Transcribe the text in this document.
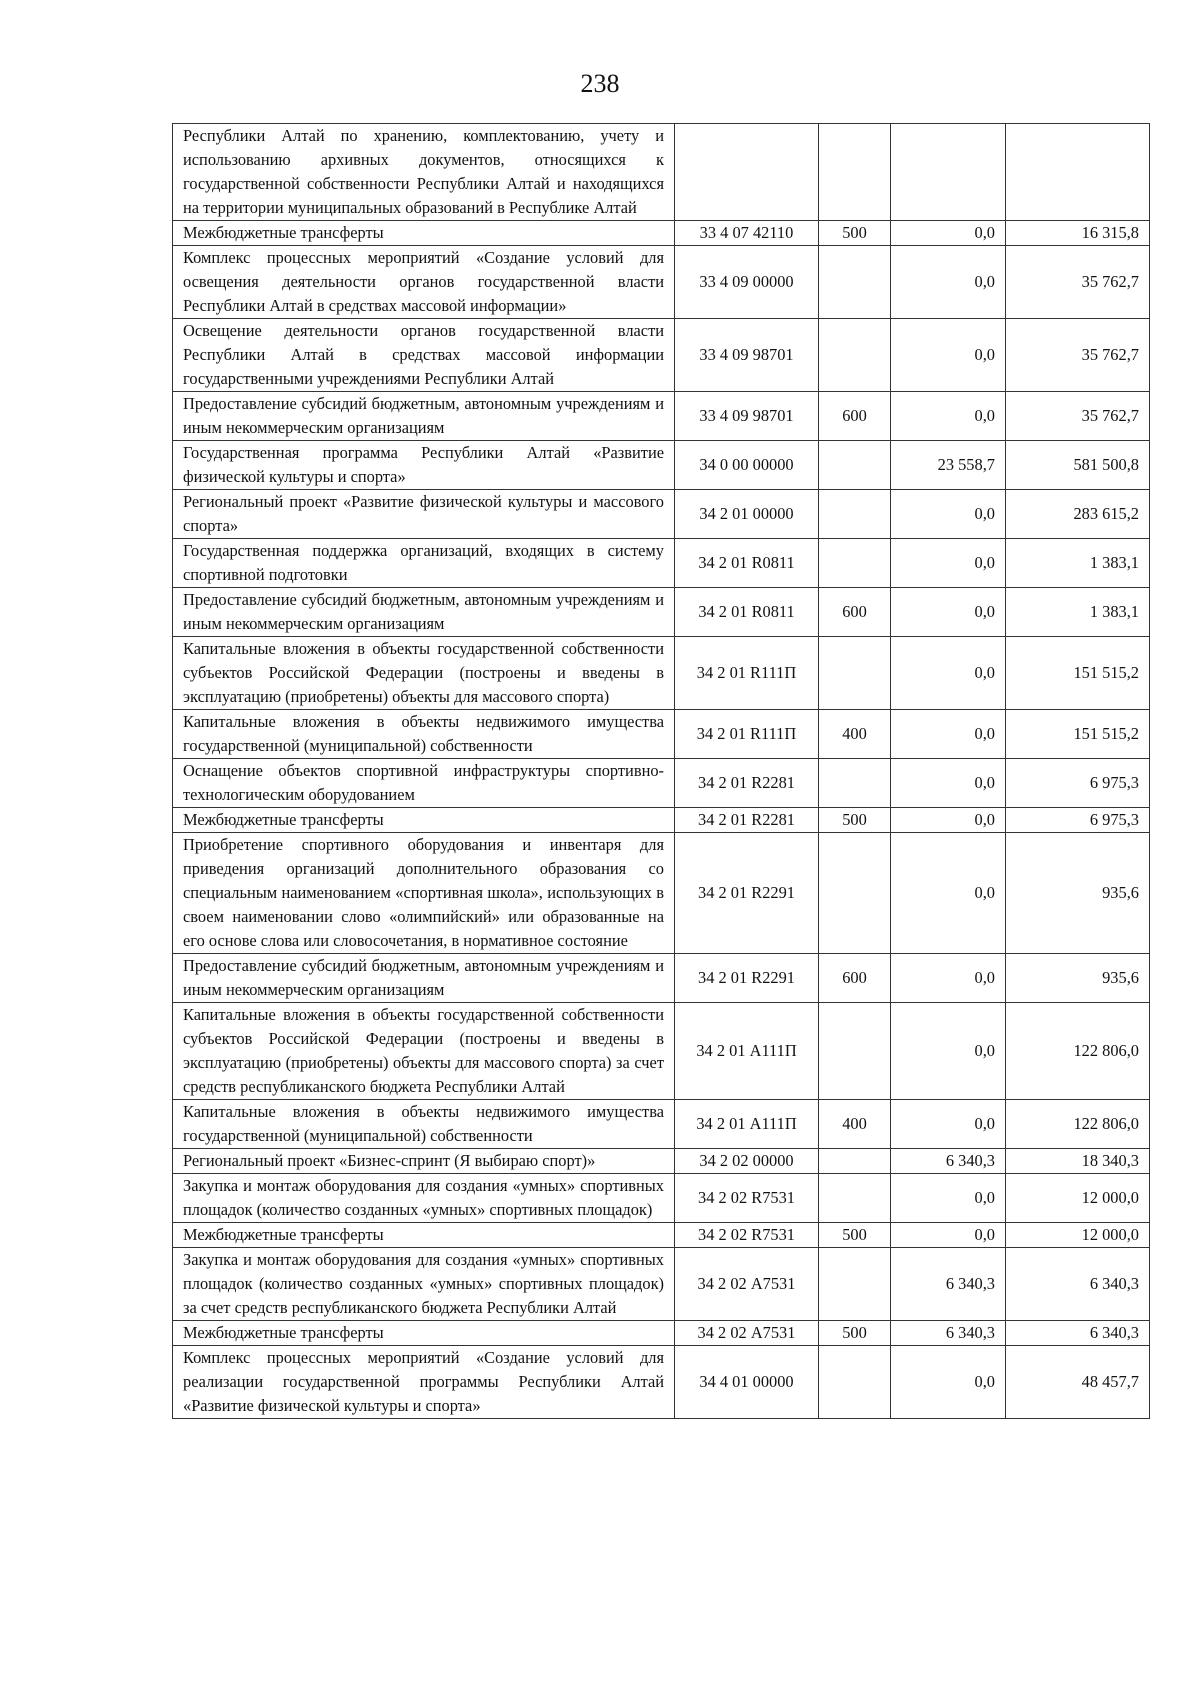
238
Республики Алтай по хранению, комплектованию, учету и использованию архивных документов, относящихся к государственной собственности Республики Алтай и находящихся на территории муниципальных образований в Республике Алтай				
Межбюджетные трансферты	33 4 07 42110	500	0,0	16 315,8
Комплекс процессных мероприятий «Создание условий для освещения деятельности органов государственной власти Республики Алтай в средствах массовой информации»	33 4 09 00000		0,0	35 762,7
Освещение деятельности органов государственной власти Республики Алтай в средствах массовой информации государственными учреждениями Республики Алтай	33 4 09 98701		0,0	35 762,7
Предоставление субсидий бюджетным, автономным учреждениям и иным некоммерческим организациям	33 4 09 98701	600	0,0	35 762,7
Государственная программа Республики Алтай «Развитие физической культуры и спорта»	34 0 00 00000		23 558,7	581 500,8
Региональный проект «Развитие физической культуры и массового спорта»	34 2 01 00000		0,0	283 615,2
Государственная поддержка организаций, входящих в систему спортивной подготовки	34 2 01 R0811		0,0	1 383,1
Предоставление субсидий бюджетным, автономным учреждениям и иным некоммерческим организациям	34 2 01 R0811	600	0,0	1 383,1
Капитальные вложения в объекты государственной собственности субъектов Российской Федерации (построены и введены в эксплуатацию (приобретены) объекты для массового спорта)	34 2 01 R111П		0,0	151 515,2
Капитальные вложения в объекты недвижимого имущества государственной (муниципальной) собственности	34 2 01 R111П	400	0,0	151 515,2
Оснащение объектов спортивной инфраструктуры спортивно-технологическим оборудованием	34 2 01 R2281		0,0	6 975,3
Межбюджетные трансферты	34 2 01 R2281	500	0,0	6 975,3
Приобретение спортивного оборудования и инвентаря для приведения организаций дополнительного образования со специальным наименованием «спортивная школа», использующих в своем наименовании слово «олимпийский» или образованные на его основе слова или словосочетания, в нормативное состояние	34 2 01 R2291		0,0	935,6
Предоставление субсидий бюджетным, автономным учреждениям и иным некоммерческим организациям	34 2 01 R2291	600	0,0	935,6
Капитальные вложения в объекты государственной собственности субъектов Российской Федерации (построены и введены в эксплуатацию (приобретены) объекты для массового спорта) за счет средств республиканского бюджета Республики Алтай	34 2 01 А111П		0,0	122 806,0
Капитальные вложения в объекты недвижимого имущества государственной (муниципальной) собственности	34 2 01 А111П	400	0,0	122 806,0
Региональный проект «Бизнес-спринт (Я выбираю спорт)»	34 2 02 00000		6 340,3	18 340,3
Закупка и монтаж оборудования для создания «умных» спортивных площадок (количество созданных «умных» спортивных площадок)	34 2 02 R7531		0,0	12 000,0
Межбюджетные трансферты	34 2 02 R7531	500	0,0	12 000,0
Закупка и монтаж оборудования для создания «умных» спортивных площадок (количество созданных «умных» спортивных площадок) за счет средств республиканского бюджета Республики Алтай	34 2 02 А7531		6 340,3	6 340,3
Межбюджетные трансферты	34 2 02 А7531	500	6 340,3	6 340,3
Комплекс процессных мероприятий «Создание условий для реализации государственной программы Республики Алтай «Развитие физической культуры и спорта»	34 4 01 00000		0,0	48 457,7
